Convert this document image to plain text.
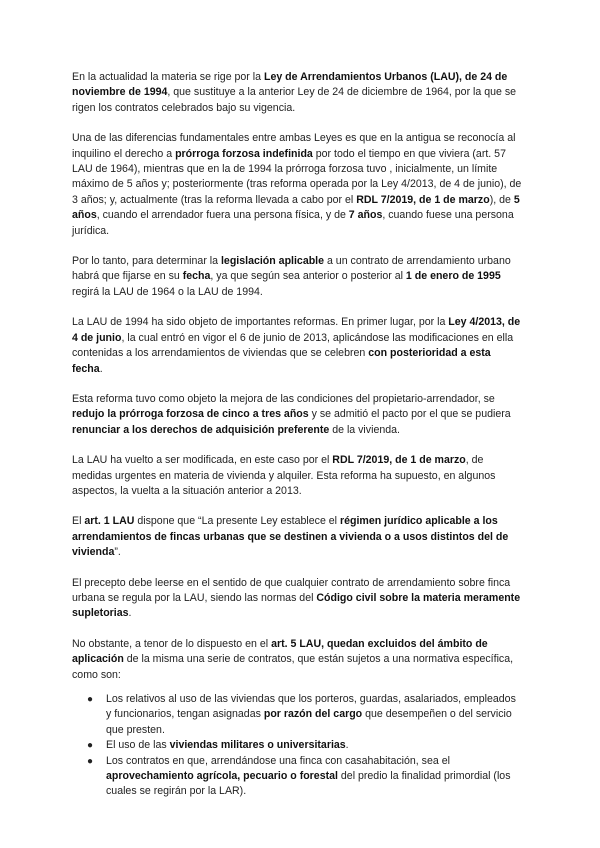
En la actualidad la materia se rige por la Ley de Arrendamientos Urbanos (LAU), de 24 de noviembre de 1994, que sustituye a la anterior Ley de 24 de diciembre de 1964, por la que se rigen los contratos celebrados bajo su vigencia.

Una de las diferencias fundamentales entre ambas Leyes es que en la antigua se reconocía al inquilino el derecho a prórroga forzosa indefinida por todo el tiempo en que viviera (art. 57 LAU de 1964), mientras que en la de 1994 la prórroga forzosa tuvo , inicialmente, un límite máximo de 5 años y; posteriormente (tras reforma operada por la Ley 4/2013, de 4 de junio), de 3 años; y, actualmente (tras la reforma llevada a cabo por el RDL 7/2019, de 1 de marzo), de 5 años, cuando el arrendador fuera una persona física, y de 7 años, cuando fuese una persona jurídica.

Por lo tanto, para determinar la legislación aplicable a un contrato de arrendamiento urbano habrá que fijarse en su fecha, ya que según sea anterior o posterior al 1 de enero de 1995 regirá la LAU de 1964 o la LAU de 1994.

La LAU de 1994 ha sido objeto de importantes reformas. En primer lugar, por la Ley 4/2013, de 4 de junio, la cual entró en vigor el 6 de junio de 2013, aplicándose las modificaciones en ella contenidas a los arrendamientos de viviendas que se celebren con posterioridad a esta fecha.

Esta reforma tuvo como objeto la mejora de las condiciones del propietario-arrendador, se redujo la prórroga forzosa de cinco a tres años y se admitió el pacto por el que se pudiera renunciar a los derechos de adquisición preferente de la vivienda.

La LAU ha vuelto a ser modificada, en este caso por el RDL 7/2019, de 1 de marzo, de medidas urgentes en materia de vivienda y alquiler. Esta reforma ha supuesto, en algunos aspectos, la vuelta a la situación anterior a 2013.

El art. 1 LAU dispone que “La presente Ley establece el régimen jurídico aplicable a los arrendamientos de fincas urbanas que se destinen a vivienda o a usos distintos del de vivienda”.

El precepto debe leerse en el sentido de que cualquier contrato de arrendamiento sobre finca urbana se regula por la LAU, siendo las normas del Código civil sobre la materia meramente supletorias.

No obstante, a tenor de lo dispuesto en el art. 5 LAU, quedan excluidos del ámbito de aplicación de la misma una serie de contratos, que están sujetos a una normativa específica, como son:

● Los relativos al uso de las viviendas que los porteros, guardas, asalariados, empleados y funcionarios, tengan asignadas por razón del cargo que desempeñen o del servicio que presten.
● El uso de las viviendas militares o universitarias.
● Los contratos en que, arrendándose una finca con casahabitación, sea el aprovechamiento agrícola, pecuario o forestal del predio la finalidad primordial (los cuales se regirán por la LAR).
